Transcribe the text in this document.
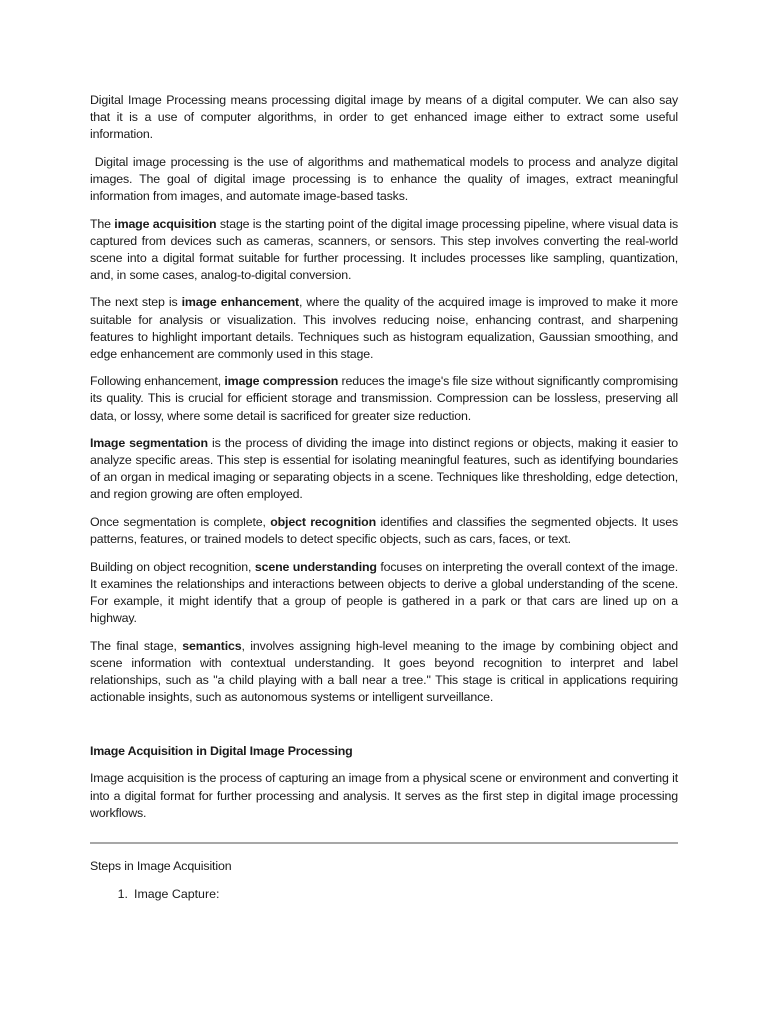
Digital Image Processing means processing digital image by means of a digital computer. We can also say that it is a use of computer algorithms, in order to get enhanced image either to extract some useful information.

Digital image processing is the use of algorithms and mathematical models to process and analyze digital images. The goal of digital image processing is to enhance the quality of images, extract meaningful information from images, and automate image-based tasks.

The image acquisition stage is the starting point of the digital image processing pipeline, where visual data is captured from devices such as cameras, scanners, or sensors. This step involves converting the real-world scene into a digital format suitable for further processing. It includes processes like sampling, quantization, and, in some cases, analog-to-digital conversion.

The next step is image enhancement, where the quality of the acquired image is improved to make it more suitable for analysis or visualization. This involves reducing noise, enhancing contrast, and sharpening features to highlight important details. Techniques such as histogram equalization, Gaussian smoothing, and edge enhancement are commonly used in this stage.

Following enhancement, image compression reduces the image's file size without significantly compromising its quality. This is crucial for efficient storage and transmission. Compression can be lossless, preserving all data, or lossy, where some detail is sacrificed for greater size reduction.

Image segmentation is the process of dividing the image into distinct regions or objects, making it easier to analyze specific areas. This step is essential for isolating meaningful features, such as identifying boundaries of an organ in medical imaging or separating objects in a scene. Techniques like thresholding, edge detection, and region growing are often employed.

Once segmentation is complete, object recognition identifies and classifies the segmented objects. It uses patterns, features, or trained models to detect specific objects, such as cars, faces, or text.

Building on object recognition, scene understanding focuses on interpreting the overall context of the image. It examines the relationships and interactions between objects to derive a global understanding of the scene. For example, it might identify that a group of people is gathered in a park or that cars are lined up on a highway.

The final stage, semantics, involves assigning high-level meaning to the image by combining object and scene information with contextual understanding. It goes beyond recognition to interpret and label relationships, such as "a child playing with a ball near a tree." This stage is critical in applications requiring actionable insights, such as autonomous systems or intelligent surveillance.

Image Acquisition in Digital Image Processing

Image acquisition is the process of capturing an image from a physical scene or environment and converting it into a digital format for further processing and analysis. It serves as the first step in digital image processing workflows.

Steps in Image Acquisition
1. Image Capture:
